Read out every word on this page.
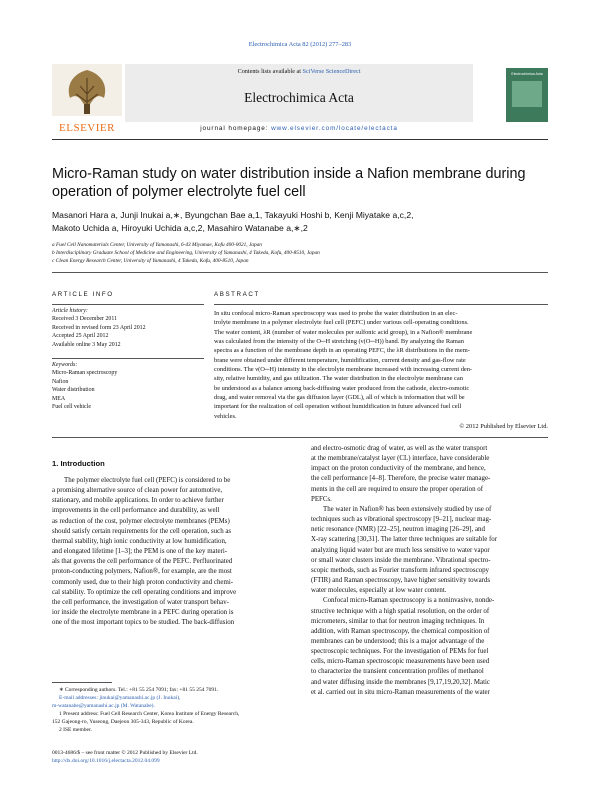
Electrochimica Acta 82 (2012) 277–283
ELSEVIER
Contents lists available at SciVerse ScienceDirect
Electrochimica Acta
Electrochimica Acta
journal homepage: www.elsevier.com/locate/electacta
Micro-Raman study on water distribution inside a Nafion membrane during
operation of polymer electrolyte fuel cell
Masanori Hara a, Junji Inukai a,∗, Byungchan Bae a,1, Takayuki Hoshi b, Kenji Miyatake a,c,2,
Makoto Uchida a, Hiroyuki Uchida a,c,2, Masahiro Watanabe a,∗,2
a Fuel Cell Nanomaterials Center, University of Yamanashi, 6-43 Miyamae, Kofu 400-0021, Japan
b Interdisciplinary Graduate School of Medicine and Engineering, University of Yamanashi, 4 Takeda, Kofu, 400-8510, Japan
c Clean Energy Research Center, University of Yamanashi, 4 Takeda, Kofu, 400-8510, Japan
ARTICLE INFO
Article history:
Received 3 December 2011
Received in revised form 23 April 2012
Accepted 25 April 2012
Available online 3 May 2012
Keywords:
Micro-Raman spectroscopy
Nafion
Water distribution
MEA
Fuel cell vehicle
ABSTRACT
In situ confocal micro-Raman spectroscopy was used to probe the water distribution in an elec-
trolyte membrane in a polymer electrolyte fuel cell (PEFC) under various cell-operating conditions.
The water content, λR (number of water molecules per sulfonic acid group), in a Nafion® membrane
was calculated from the intensity of the O─H stretching (ν(O─H)) band. By analyzing the Raman
spectra as a function of the membrane depth in an operating PEFC, the λR distributions in the mem-
brane were obtained under different temperature, humidification, current density and gas-flow rate
conditions. The ν(O─H) intensity in the electrolyte membrane increased with increasing current den-
sity, relative humidity, and gas utilization. The water distribution in the electrolyte membrane can
be understood as a balance among back-diffusing water produced from the cathode, electro-osmotic
drag, and water removal via the gas diffusion layer (GDL), all of which is information that will be
important for the realization of cell operation without humidification in future advanced fuel cell
vehicles.
© 2012 Published by Elsevier Ltd.
1. Introduction
The polymer electrolyte fuel cell (PEFC) is considered to be
a promising alternative source of clean power for automotive,
stationary, and mobile applications. In order to achieve further
improvements in the cell performance and durability, as well
as reduction of the cost, polymer electrolyte membranes (PEMs)
should satisfy certain requirements for the cell operation, such as
thermal stability, high ionic conductivity at low humidification,
and elongated lifetime [1–3]; the PEM is one of the key materi-
als that governs the cell performance of the PEFC. Perfluorinated
proton-conducting polymers, Nafion®, for example, are the most
commonly used, due to their high proton conductivity and chemi-
cal stability. To optimize the cell operating conditions and improve
the cell performance, the investigation of water transport behav-
ior inside the electrolyte membrane in a PEFC during operation is
one of the most important topics to be studied. The back-diffusion
∗ Corresponding authors. Tel.: +81 55 254 7091; fax: +81 55 254 7091.
E-mail addresses: jinukai@yamanashi.ac.jp (J. Inukai),
m-watanabe@yamanashi.ac.jp (M. Watanabe).
1 Present address: Fuel Cell Research Center, Korea Institute of Energy Research,
152 Gajeong-ro, Yuseong, Daejeon 305-343, Republic of Korea.
2 ISE member.
0013-4686/$ – see front matter © 2012 Published by Elsevier Ltd.
http://dx.doi.org/10.1016/j.electacta.2012.04.099
and electro-osmotic drag of water, as well as the water transport
at the membrane/catalyst layer (CL) interface, have considerable
impact on the proton conductivity of the membrane, and hence,
the cell performance [4–8]. Therefore, the precise water manage-
ments in the cell are required to ensure the proper operation of
PEFCs.
The water in Nafion® has been extensively studied by use of
techniques such as vibrational spectroscopy [9–21], nuclear mag-
netic resonance (NMR) [22–25], neutron imaging [26–29], and
X-ray scattering [30,31]. The latter three techniques are suitable for
analyzing liquid water but are much less sensitive to water vapor
or small water clusters inside the membrane. Vibrational spectro-
scopic methods, such as Fourier transform infrared spectroscopy
(FTIR) and Raman spectroscopy, have higher sensitivity towards
water molecules, especially at low water content.
Confocal micro-Raman spectroscopy is a noninvasive, nonde-
structive technique with a high spatial resolution, on the order of
micrometers, similar to that for neutron imaging techniques. In
addition, with Raman spectroscopy, the chemical composition of
membranes can be understood; this is a major advantage of the
spectroscopic techniques. For the investigation of PEMs for fuel
cells, micro-Raman spectroscopic measurements have been used
to characterize the transient concentration profiles of methanol
and water diffusing inside the membranes [9,17,19,20,32]. Matic
et al. carried out in situ micro-Raman measurements of the water
